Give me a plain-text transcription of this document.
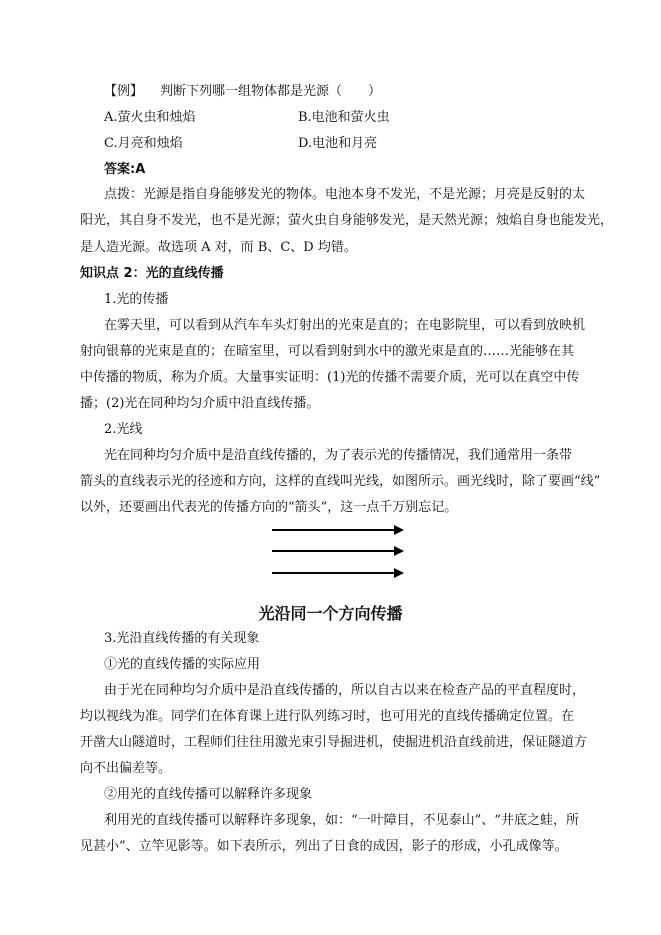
【例】 判断下列哪一组物体都是光源（　　）
A.萤火虫和烛焰	B.电池和萤火虫
C.月亮和烛焰	D.电池和月亮
答案:A
点拨：光源是指自身能够发光的物体。电池本身不发光，不是光源；月亮是反射的太
阳光，其自身不发光，也不是光源；萤火虫自身能够发光，是天然光源；烛焰自身也能发光，
是人造光源。故选项 A 对，而 B、C、D 均错。
知识点 2：光的直线传播
1.光的传播
在雾天里，可以看到从汽车车头灯射出的光束是直的；在电影院里，可以看到放映机
射向银幕的光束是直的；在暗室里，可以看到射到水中的激光束是直的……光能够在其
中传播的物质，称为介质。大量事实证明：(1)光的传播不需要介质，光可以在真空中传
播；(2)光在同种均匀介质中沿直线传播。
2.光线
光在同种均匀介质中是沿直线传播的，为了表示光的传播情况，我们通常用一条带
箭头的直线表示光的径迹和方向，这样的直线叫光线，如图所示。画光线时，除了要画“线”
以外，还要画出代表光的传播方向的“箭头”，这一点千万别忘记。
光沿同一个方向传播
3.光沿直线传播的有关现象
①光的直线传播的实际应用
由于光在同种均匀介质中是沿直线传播的，所以自古以来在检查产品的平直程度时，
均以视线为准。同学们在体育课上进行队列练习时，也可用光的直线传播确定位置。在
开凿大山隧道时，工程师们往往用激光束引导掘进机，使掘进机沿直线前进，保证隧道方
向不出偏差等。
②用光的直线传播可以解释许多现象
利用光的直线传播可以解释许多现象，如：“一叶障目，不见泰山”、“井底之蛙，所
见甚小”、立竿见影等。如下表所示，列出了日食的成因，影子的形成，小孔成像等。
